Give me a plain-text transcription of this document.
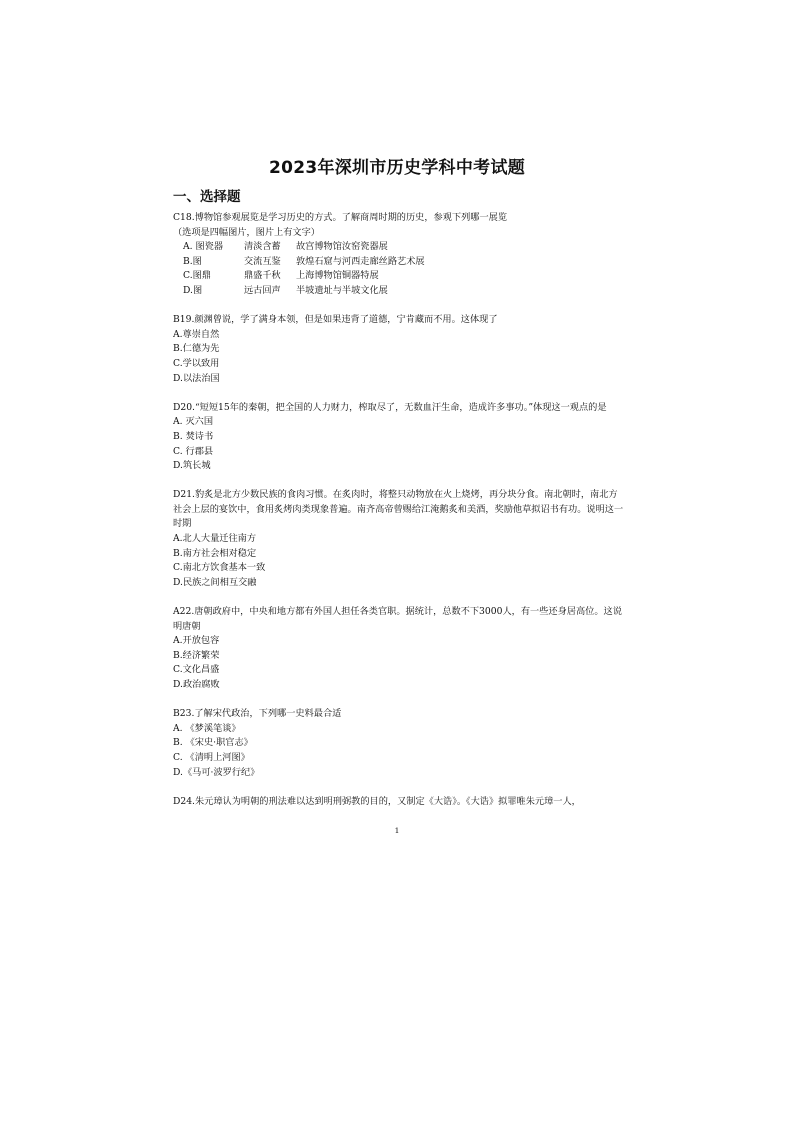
2023年深圳市历史学科中考试题
一、选择题
C18.博物馆参观展览是学习历史的方式。了解商周时期的历史，参观下列哪一展览
（选项是四幅图片，图片上有文字）
A. 图瓷器	清淡含蓄	故宫博物馆汝窑瓷器展
B.图	交流互鉴	敦煌石窟与河西走廊丝路艺术展
C.图鼎	鼎盛千秋	上海博物馆铜器特展
D.图	远古回声	半坡遗址与半坡文化展
B19.颜渊曾说，学了满身本领，但是如果违背了道德，宁肯藏而不用。这体现了
A.尊崇自然
B.仁德为先
C.学以致用
D.以法治国
D20.“短短15年的秦朝，把全国的人力财力，榨取尽了，无数血汗生命，造成许多事功。”体现这一观点的是
A. 灭六国
B. 焚诗书
C. 行郡县
D.筑长城
D21.豹炙是北方少数民族的食肉习惯。在炙肉时，将整只动物放在火上烧烤，再分块分食。南北朝时，南北方社会上层的宴饮中，食用炙烤肉类现象普遍。南齐高帝曾赐给江淹鹅炙和美酒，奖励他草拟诏书有功。说明这一时期
A.北人大量迁往南方
B.南方社会相对稳定
C.南北方饮食基本一致
D.民族之间相互交融
A22.唐朝政府中，中央和地方都有外国人担任各类官职。据统计，总数不下3000人，有一些还身居高位。这说明唐朝
A.开放包容
B.经济繁荣
C.文化昌盛
D.政治腐败
B23.了解宋代政治，下列哪一史料最合适
A. 《梦溪笔谈》
B. 《宋史·职官志》
C. 《清明上河图》
D.《马可·波罗行纪》
D24.朱元璋认为明朝的刑法难以达到明刑弼教的目的，又制定《大诰》。《大诰》拟罪唯朱元璋一人，
1
